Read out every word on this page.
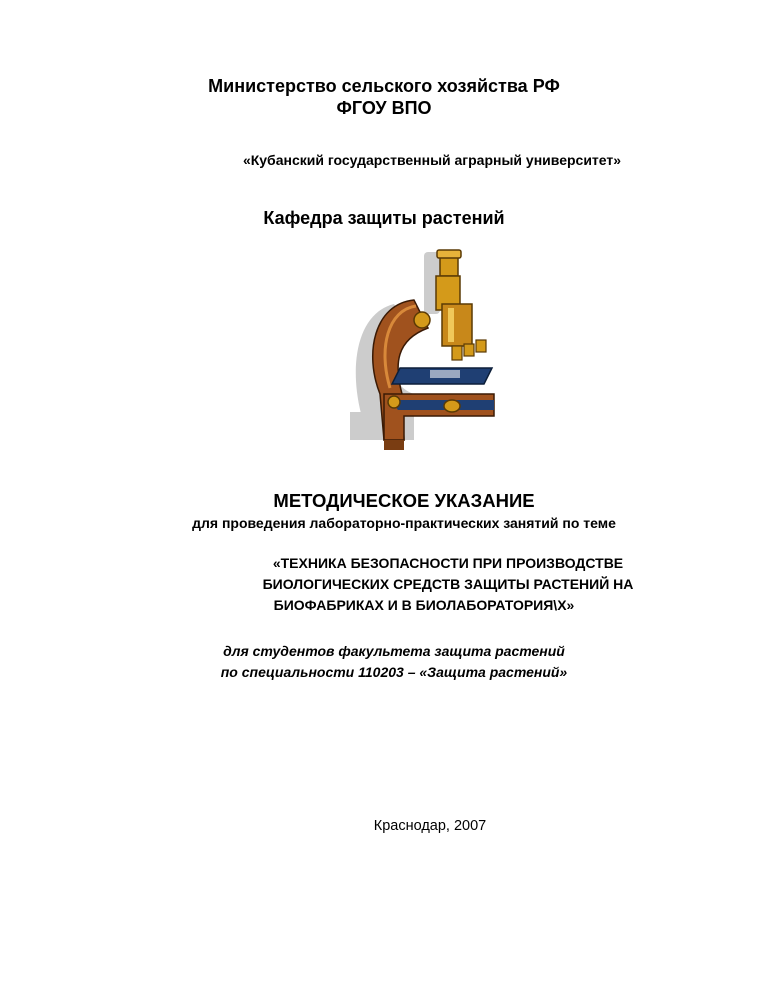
Министерство сельского хозяйства РФ

ФГОУ ВПО

«Кубанский государственный аграрный университет»

Кафедра защиты растений

МЕТОДИЧЕСКОЕ УКАЗАНИЕ

для проведения лабораторно-практических занятий по теме

«ТЕХНИКА БЕЗОПАСНОСТИ ПРИ ПРОИЗВОДСТВЕ

БИОЛОГИЧЕСКИХ СРЕДСТВ ЗАЩИТЫ РАСТЕНИЙ НА

БИОФАБРИКАХ И В БИОЛАБОРАТОРИЯ\Х»

для студентов факультета защита растений

по специальности 110203 – «Защита растений»

Краснодар, 2007
